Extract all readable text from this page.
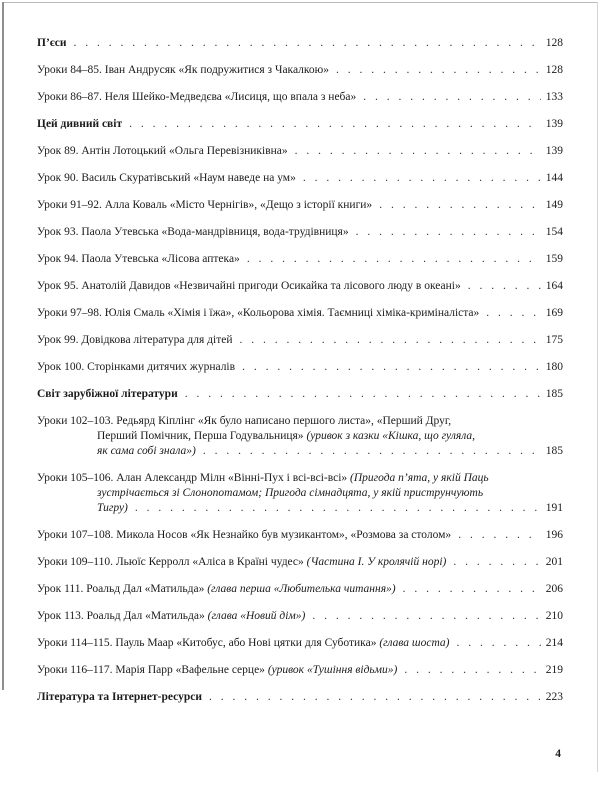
П’єси . . .	128
Уроки 84–85. Іван Андрусяк «Як подружитися з Чакалкою» . . .	128
Уроки 86–87. Неля Шейко-Медведєва «Лисиця, що впала з неба» . . .	133
Цей дивний світ . . .	139
Урок 89. Антін Лотоцький «Ольга Перевізниківна» . . .	139
Урок 90. Василь Скуратівський «Наум наведе на ум» . . .	144
Уроки 91–92. Алла Коваль «Місто Чернігів», «Дещо з історії книги» . . .	149
Урок 93. Паола Утевська «Вода-мандрівниця, вода-трудівниця» . . .	154
Урок 94. Паола Утевська «Лісова аптека» . . .	159
Урок 95. Анатолій Давидов «Незвичайні пригоди Осикайка та лісового люду в океані» . . .	164
Уроки 97–98. Юлія Смаль «Хімія і їжа», «Кольорова хімія. Таємниці хіміка-криміналіста» . . .	169
Урок 99. Довідкова література для дітей . . .	175
Урок 100. Сторінками дитячих журналів . . .	180
Світ зарубіжної літератури . . .	185
Уроки 102–103. Редьярд Кіплінг «Як було написано першого листа», «Перший Друг,
Перший Помічник, Перша Годувальниця» (уривок з казки «Кішка, що гуляла,
як сама собі знала») . . .	185
Уроки 105–106. Алан Александр Мілн «Вінні-Пух і всі-всі-всі» (Пригода п’ята, у якій Паць
зустрічається зі Слонопотамом; Пригода сімнадцята, у якій приструнчують
Тигру) . . .	191
Уроки 107–108. Микола Носов «Як Незнайко був музикантом», «Розмова за столом» . . .	196
Уроки 109–110. Льюїс Керролл «Аліса в Країні чудес» (Частина І. У кролячій норі) . . .	201
Урок 111. Роальд Дал «Матильда» (глава перша «Любителька читання») . . .	206
Урок 113. Роальд Дал «Матильда» (глава «Новий дім») . . .	210
Уроки 114–115. Пауль Маар «Китобус, або Нові цятки для Суботика» (глава шоста) . . .	214
Уроки 116–117. Марія Парр «Вафельне серце» (уривок «Тушіння відьми») . . .	219
Література та Інтернет-ресурси . . .	223
4
